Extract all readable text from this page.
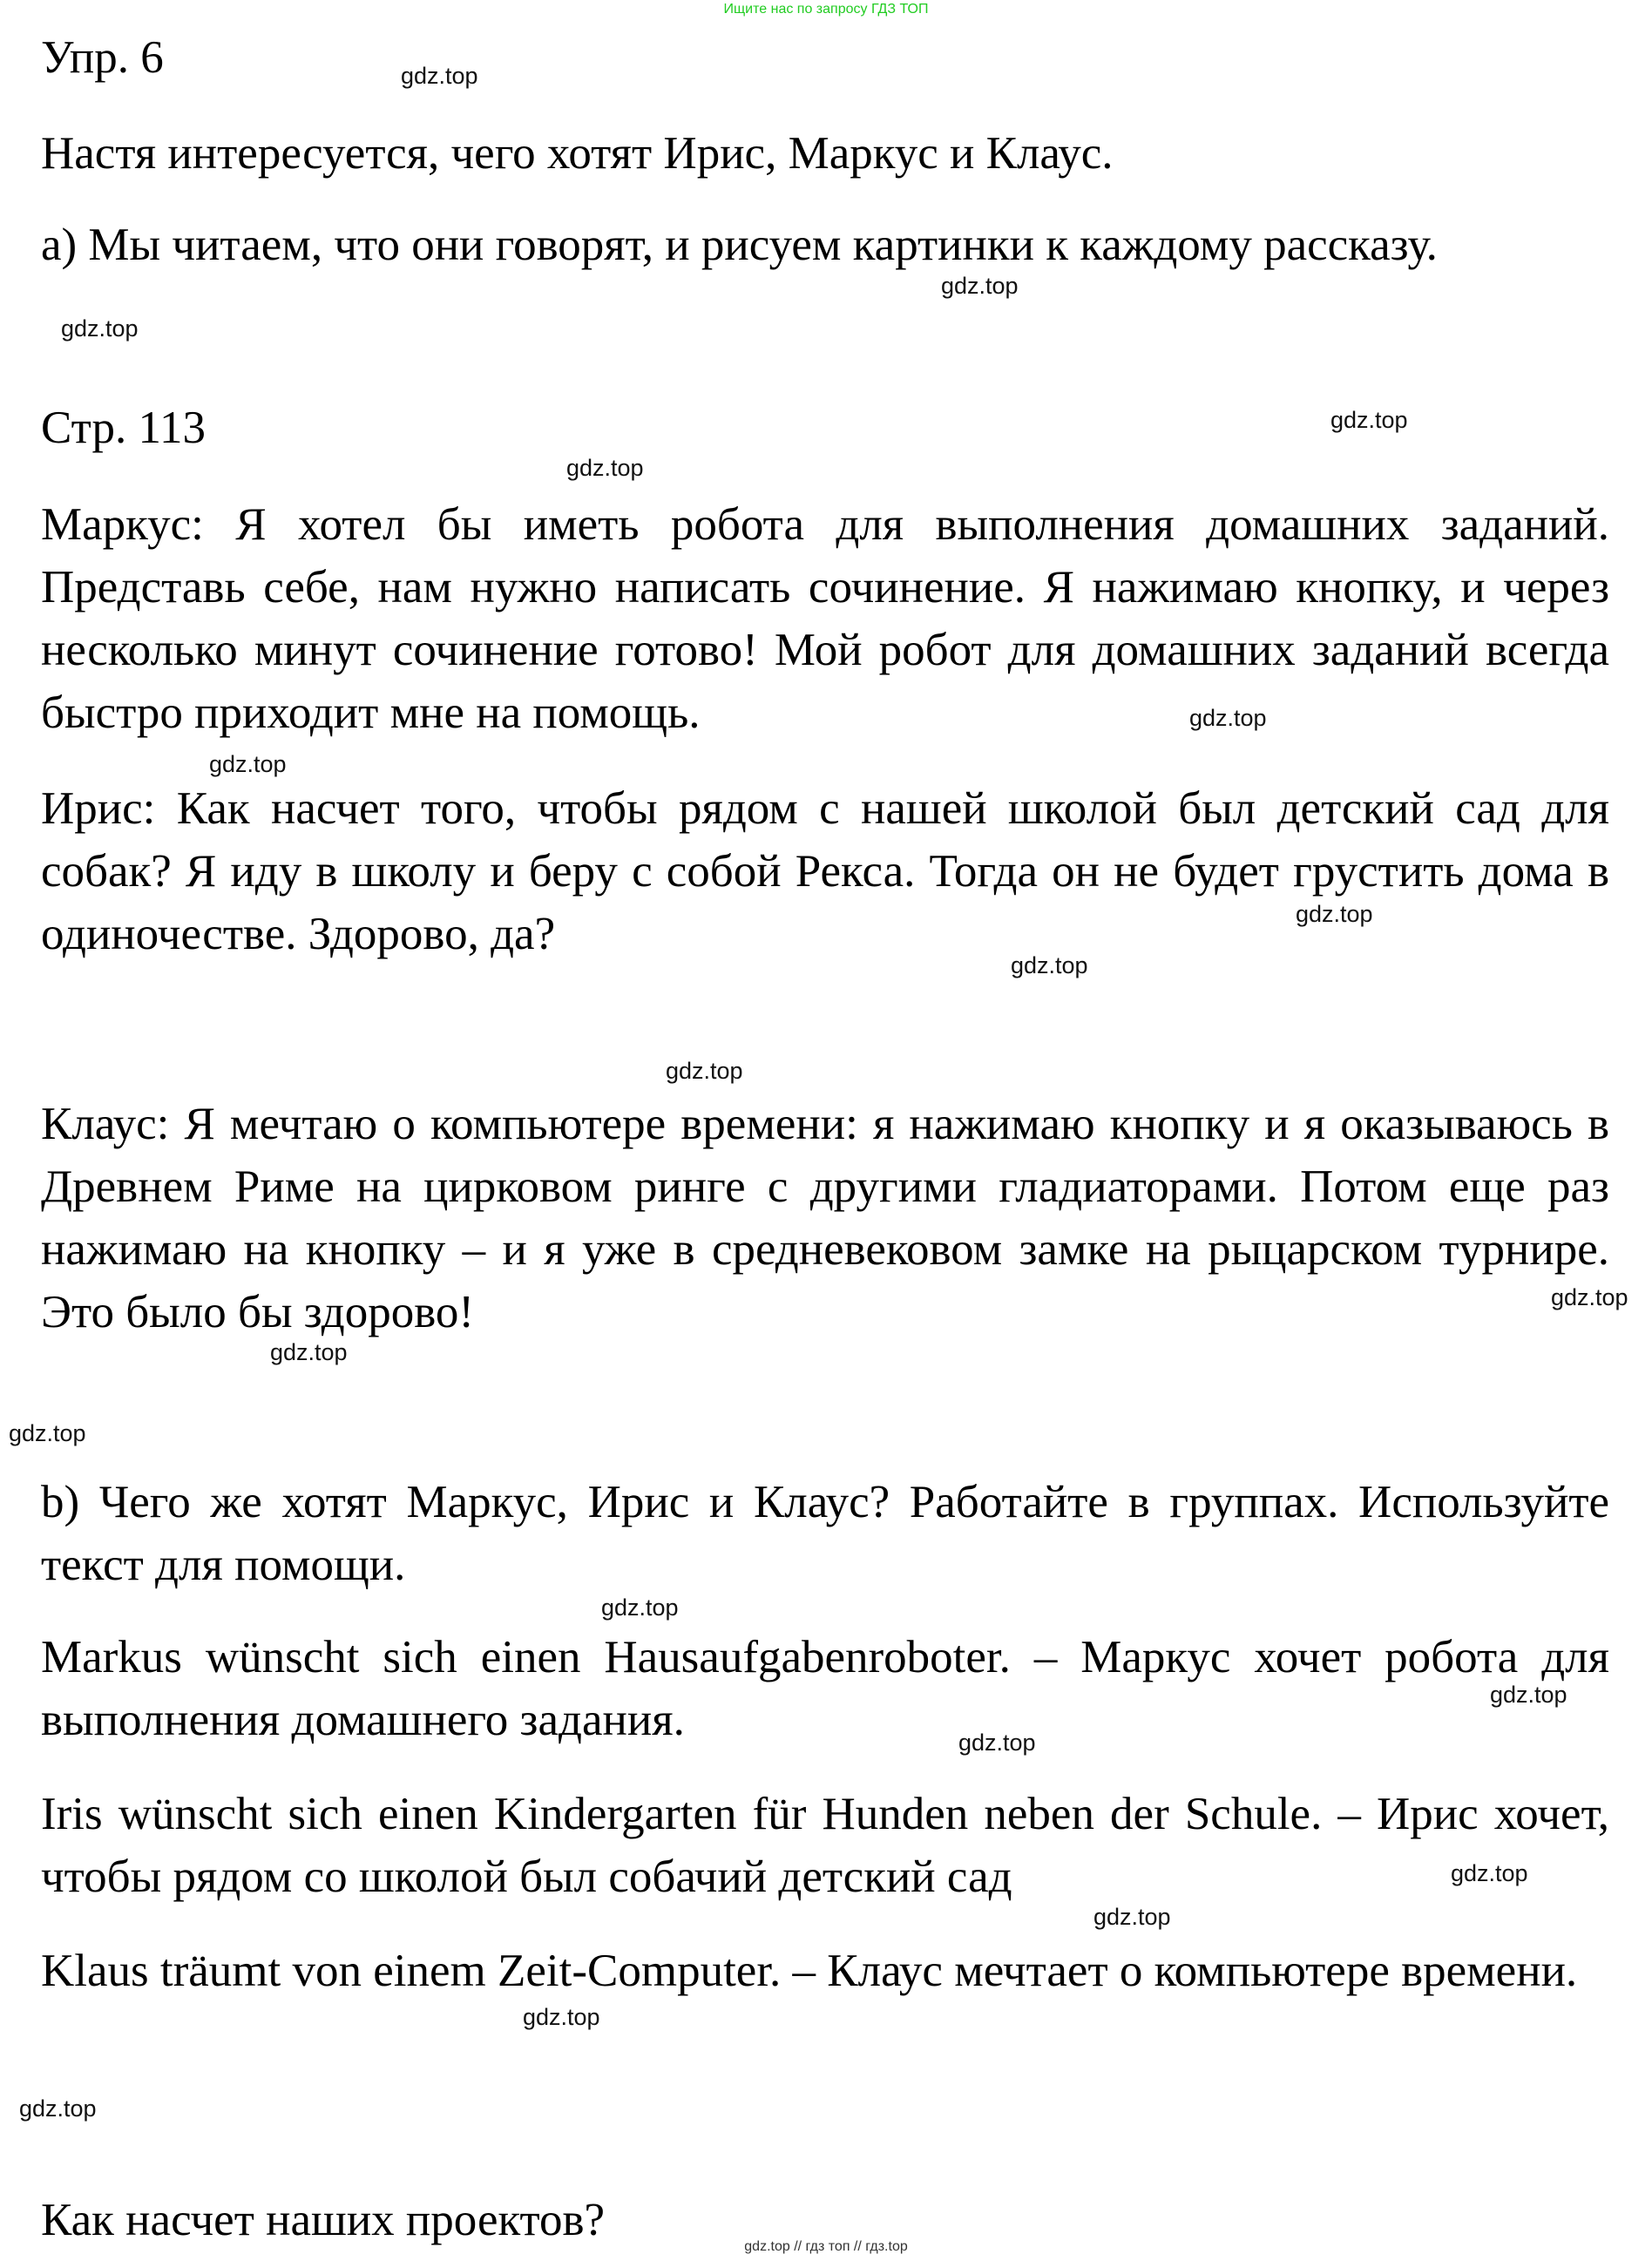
Ищите нас по запросу ГДЗ ТОП
Упр. 6
Настя интересуется, чего хотят Ирис, Маркус и Клаус.
а) Мы читаем, что они говорят, и рисуем картинки к каждому рассказу.
Стр. 113
Маркус: Я хотел бы иметь робота для выполнения домашних заданий. Представь себе, нам нужно написать сочинение. Я нажимаю кнопку, и через несколько минут сочинение готово! Мой робот для домашних заданий всегда быстро приходит мне на помощь.
Ирис: Как насчет того, чтобы рядом с нашей школой был детский сад для собак? Я иду в школу и беру с собой Рекса. Тогда он не будет грустить дома в одиночестве. Здорово, да?
Клаус: Я мечтаю о компьютере времени: я нажимаю кнопку и я оказываюсь в Древнем Риме на цирковом ринге с другими гладиаторами. Потом еще раз нажимаю на кнопку – и я уже в средневековом замке на рыцарском турнире. Это было бы здорово!
b) Чего же хотят Маркус, Ирис и Клаус? Работайте в группах. Используйте текст для помощи.
Markus wünscht sich einen Hausaufgabenroboter. – Маркус хочет робота для выполнения домашнего задания.
Iris wünscht sich einen Kindergarten für Hunden neben der Schule. – Ирис хочет, чтобы рядом со школой был собачий детский сад
Klaus träumt von einem Zeit-Computer. – Клаус мечтает о компьютере времени.
Как насчет наших проектов?
gdz.top
gdz.top
gdz.top
gdz.top
gdz.top
gdz.top
gdz.top
gdz.top
gdz.top
gdz.top
gdz.top
gdz.top
gdz.top
gdz.top
gdz.top
gdz.top
gdz.top
gdz.top
gdz.top
gdz.top
gdz.top // гдз топ // гдз.top
